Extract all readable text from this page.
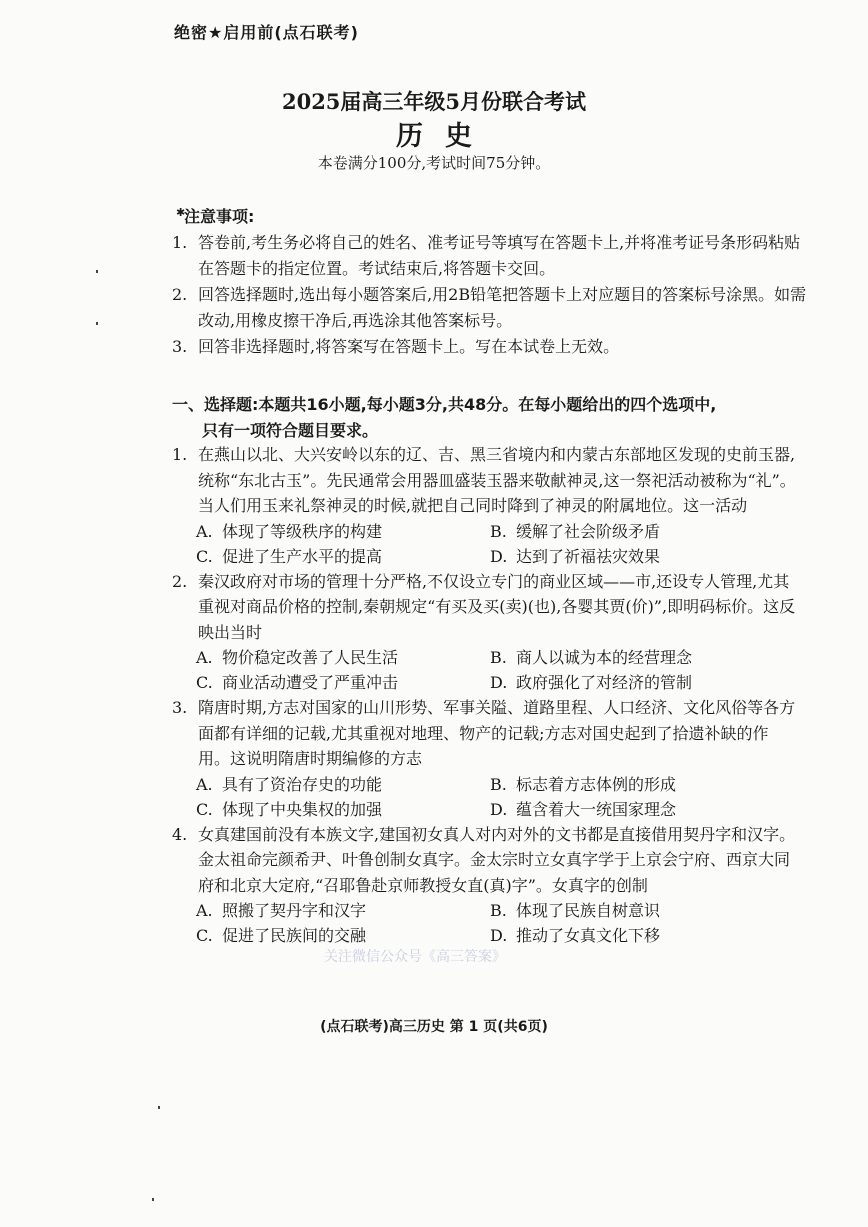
绝密★启用前(点石联考)
2025届高三年级5月份联合考试
历史
本卷满分100分,考试时间75分钟。
✱
注意事项:
1. 答卷前,考生务必将自己的姓名、准考证号等填写在答题卡上,并将准考证号条形码粘贴在答题卡的指定位置。考试结束后,将答题卡交回。
2. 回答选择题时,选出每小题答案后,用2B铅笔把答题卡上对应题目的答案标号涂黑。如需改动,用橡皮擦干净后,再选涂其他答案标号。
3. 回答非选择题时,将答案写在答题卡上。写在本试卷上无效。
一、选择题:本题共16小题,每小题3分,共48分。在每小题给出的四个选项中,
只有一项符合题目要求。
1. 在燕山以北、大兴安岭以东的辽、吉、黑三省境内和内蒙古东部地区发现的史前玉器,统称“东北古玉”。先民通常会用器皿盛装玉器来敬献神灵,这一祭祀活动被称为“礼”。当人们用玉来礼祭神灵的时候,就把自己同时降到了神灵的附属地位。这一活动
A. 体现了等级秩序的构建	B. 缓解了社会阶级矛盾
C. 促进了生产水平的提高	D. 达到了祈福祛灾效果
2. 秦汉政府对市场的管理十分严格,不仅设立专门的商业区域——市,还设专人管理,尤其重视对商品价格的控制,秦朝规定“有买及买(卖)(也),各婴其贾(价)”,即明码标价。这反映出当时
A. 物价稳定改善了人民生活	B. 商人以诚为本的经营理念
C. 商业活动遭受了严重冲击	D. 政府强化了对经济的管制
3. 隋唐时期,方志对国家的山川形势、军事关隘、道路里程、人口经济、文化风俗等各方面都有详细的记载,尤其重视对地理、物产的记载;方志对国史起到了拾遗补缺的作用。这说明隋唐时期编修的方志
A. 具有了资治存史的功能	B. 标志着方志体例的形成
C. 体现了中央集权的加强	D. 蕴含着大一统国家理念
4. 女真建国前没有本族文字,建国初女真人对内对外的文书都是直接借用契丹字和汉字。金太祖命完颜希尹、叶鲁创制女真字。金太宗时立女真字学于上京会宁府、西京大同府和北京大定府,“召耶鲁赴京师教授女直(真)字”。女真字的创制
A. 照搬了契丹字和汉字	B. 体现了民族自树意识
C. 促进了民族间的交融	D. 推动了女真文化下移
关注微信公众号《高三答案》
(点石联考)高三历史 第 1 页(共6页)
